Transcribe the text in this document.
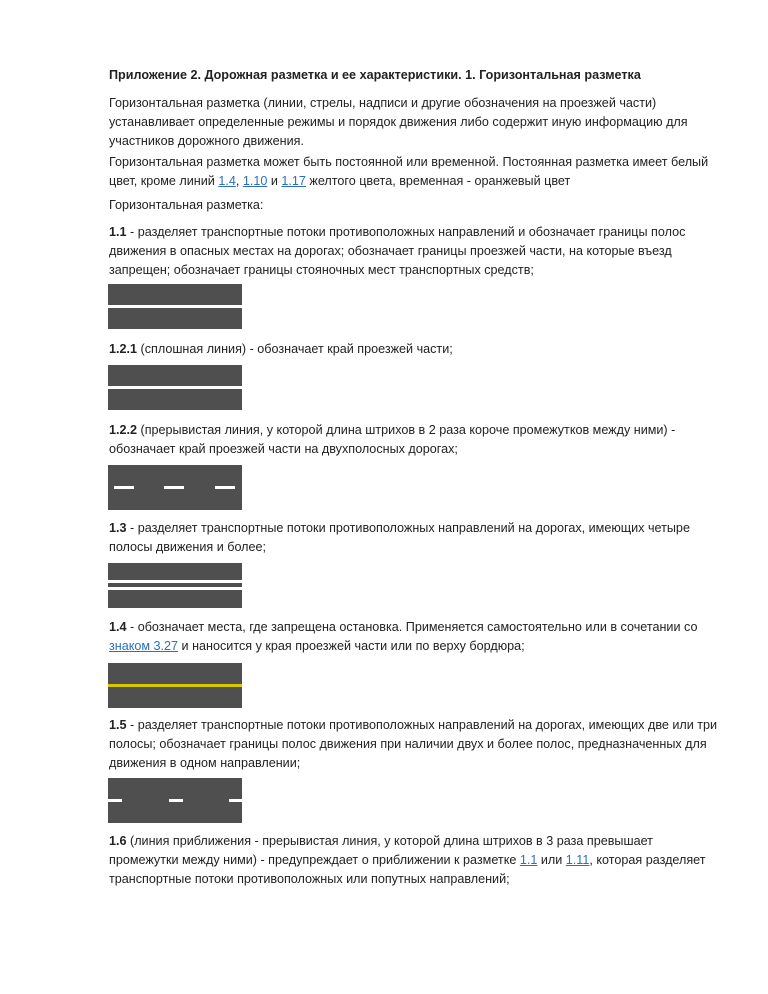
Приложение 2. Дорожная разметка и ее характеристики. 1. Горизонтальная разметка
Горизонтальная разметка (линии, стрелы, надписи и другие обозначения на проезжей части) устанавливает определенные режимы и порядок движения либо содержит иную информацию для участников дорожного движения.
Горизонтальная разметка может быть постоянной или временной. Постоянная разметка имеет белый цвет, кроме линий 1.4, 1.10 и 1.17 желтого цвета, временная - оранжевый цвет
Горизонтальная разметка:
1.1 - разделяет транспортные потоки противоположных направлений и обозначает границы полос движения в опасных местах на дорогах; обозначает границы проезжей части, на которые въезд запрещен; обозначает границы стояночных мест транспортных средств;
1.2.1 (сплошная линия) - обозначает край проезжей части;
1.2.2 (прерывистая линия, у которой длина штрихов в 2 раза короче промежутков между ними) - обозначает край проезжей части на двухполосных дорогах;
1.3 - разделяет транспортные потоки противоположных направлений на дорогах, имеющих четыре полосы движения и более;
1.4 - обозначает места, где запрещена остановка. Применяется самостоятельно или в сочетании со знаком 3.27 и наносится у края проезжей части или по верху бордюра;
1.5 - разделяет транспортные потоки противоположных направлений на дорогах, имеющих две или три полосы; обозначает границы полос движения при наличии двух и более полос, предназначенных для движения в одном направлении;
1.6 (линия приближения - прерывистая линия, у которой длина штрихов в 3 раза превышает промежутки между ними) - предупреждает о приближении к разметке 1.1 или 1.11, которая разделяет транспортные потоки противоположных или попутных направлений;
